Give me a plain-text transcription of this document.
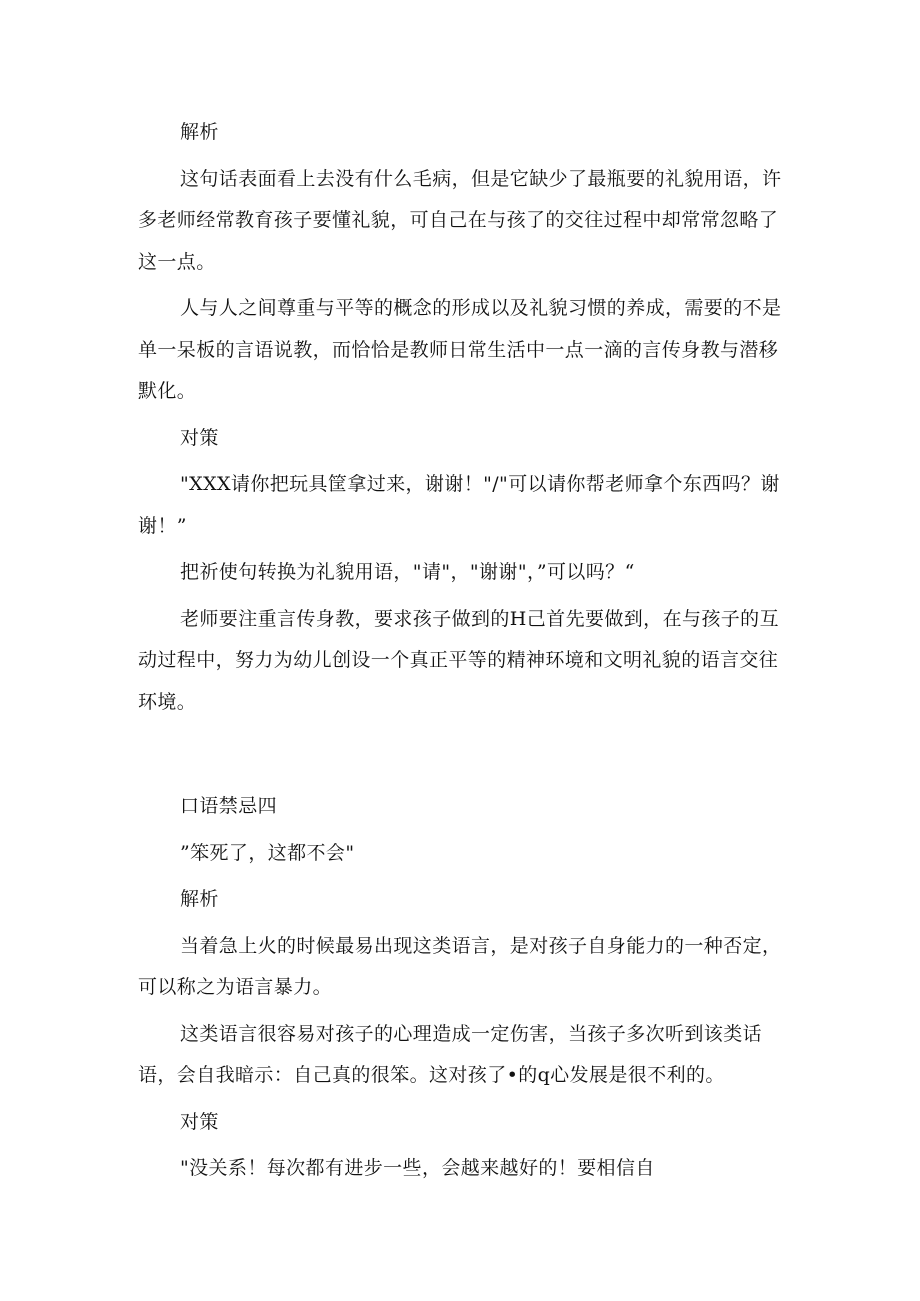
解析

这句话表面看上去没有什么毛病，但是它缺少了最瓶要的礼貌用语，许多老师经常教育孩子要懂礼貌，可自己在与孩了的交往过程中却常常忽略了这一点。

人与人之间尊重与平等的概念的形成以及礼貌习惯的养成，需要的不是单一呆板的言语说教，而恰恰是教师日常生活中一点一滴的言传身教与潜移默化。

对策

"XXX请你把玩具筐拿过来，谢谢！"/"可以请你帮老师拿个东西吗？谢谢！”

把祈使句转换为礼貌用语，"请"，"谢谢"，”可以吗？“

老师要注重言传身教，要求孩子做到的H己首先要做到，在与孩子的互动过程中，努力为幼儿创设一个真正平等的精神环境和文明礼貌的语言交往环境。

口语禁忌四

”笨死了，这都不会"

解析

当着急上火的时候最易出现这类语言，是对孩子自身能力的一种否定，可以称之为语言暴力。

这类语言很容易对孩子的心理造成一定伤害，当孩子多次听到该类话语，会自我暗示：自己真的很笨。这对孩了•的q心发展是很不利的。

对策

"没关系！每次都有进步一些，会越来越好的！要相信自
